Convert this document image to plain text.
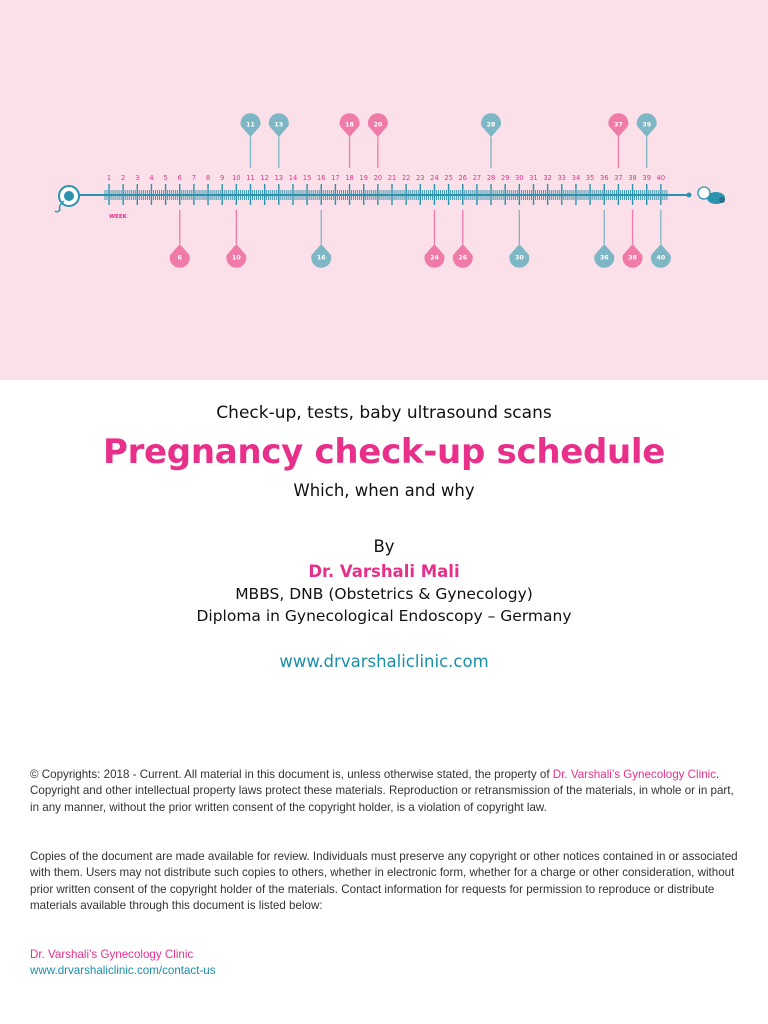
1 2 3 4 5 6 7 8 9 10 11 12 13 14 15 16 17 18 19 20 21 22 23 24 25 26 27 28 29 30 31 32 33 34 35 36 37 38 39 40
WEEK
11	13	18	20	28	37	39
6	10	16	24	26	30	36	38	40
Check-up, tests, baby ultrasound scans
Pregnancy check-up schedule
Which, when and why
By
Dr. Varshali Mali
MBBS, DNB (Obstetrics & Gynecology)
Diploma in Gynecological Endoscopy – Germany
www.drvarshaliclinic.com
© Copyrights: 2018 - Current. All material in this document is, unless otherwise stated, the property of Dr. Varshali’s Gynecology Clinic. Copyright and other intellectual property laws protect these materials. Reproduction or retransmission of the materials, in whole or in part, in any manner, without the prior written consent of the copyright holder, is a violation of copyright law.
Copies of the document are made available for review. Individuals must preserve any copyright or other notices contained in or associated with them. Users may not distribute such copies to others, whether in electronic form, whether for a charge or other consideration, without prior written consent of the copyright holder of the materials. Contact information for requests for permission to reproduce or distribute materials available through this document is listed below:
Dr. Varshali’s Gynecology Clinic
www.drvarshaliclinic.com/contact-us
